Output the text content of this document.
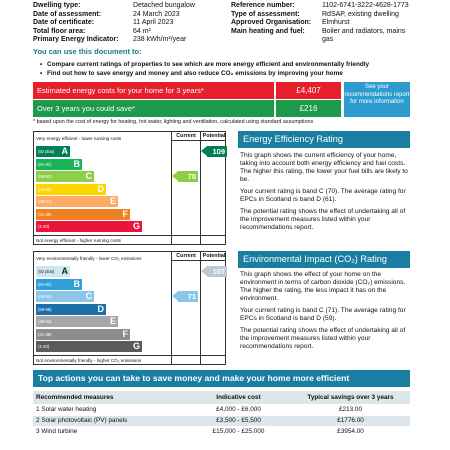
Dwelling type:	Detached bungalow	Reference number:	1102-6741-3222-4628-1773
Date of assessment:	24 March 2023	Type of assessment:	RdSAP, existing dwelling
Date of certificate:	11 April 2023	Approved Organisation: Elmhurst
Total floor area:	64 m²	Main heating and fuel: Boiler and radiators, mains
Primary Energy Indicator: 238 kWh/m²/year	gas
You can use this document to:
• Compare current ratings of properties to see which are more energy efficient and environmentally friendly
• Find out how to save energy and money and also reduce CO₂ emissions by improving your home
Estimated energy costs for your home for 3 years*	£4,407
Over 3 years you could save*	£216
See your recommendations report for more information
* based upon the cost of energy for heating, hot water, lighting and ventilation, calculated using standard assumptions
Current	Potential
Very energy efficient - lower running costs
Not energy efficient - higher running costs
(92 plus) A
(81-91) B
(69-80)	C
(55-68)	D
(39-54)	E
(21-38)	F
(1-20)	G
70
109
Energy Efficiency Rating

This graph shows the current efficiency of your home, taking into account both energy efficiency and fuel costs. The higher this rating, the lower your fuel bills are likely to be.

Your current rating is band C (70). The average rating for EPCs in Scotland is band D (61).

The potential rating shows the effect of undertaking all of the improvement measures listed within your recommendations report.

Current	Potential
Very environmentally friendly - lower CO₂ emissions
Not environmentally friendly - higher CO₂ emissions
(92 plus) A
(81-91) B
(69-80)	C
(55-68)	D
(39-54)	E
(21-38)	F
(1-20)	G
71
107
Environmental Impact (CO₂) Rating

This graph shows the effect of your home on the environment in terms of carbon dioxide (CO₂) emissions. The higher the rating, the less impact it has on the environment.

Your current rating is band C (71). The average rating for EPCs in Scotland is band D (59).

The potential rating shows the effect of undertaking all of the improvement measures listed within your recommendations report.

Top actions you can take to save money and make your home more efficient
Recommended measures	Indicative cost	Typical savings over 3 years
1 Solar water heating	£4,000 - £6,000	£213.00
2 Solar photovoltaic (PV) panels	£3,500 - £5,500	£1776.00
3 Wind turbine	£15,000 - £25,000	£3954.00
